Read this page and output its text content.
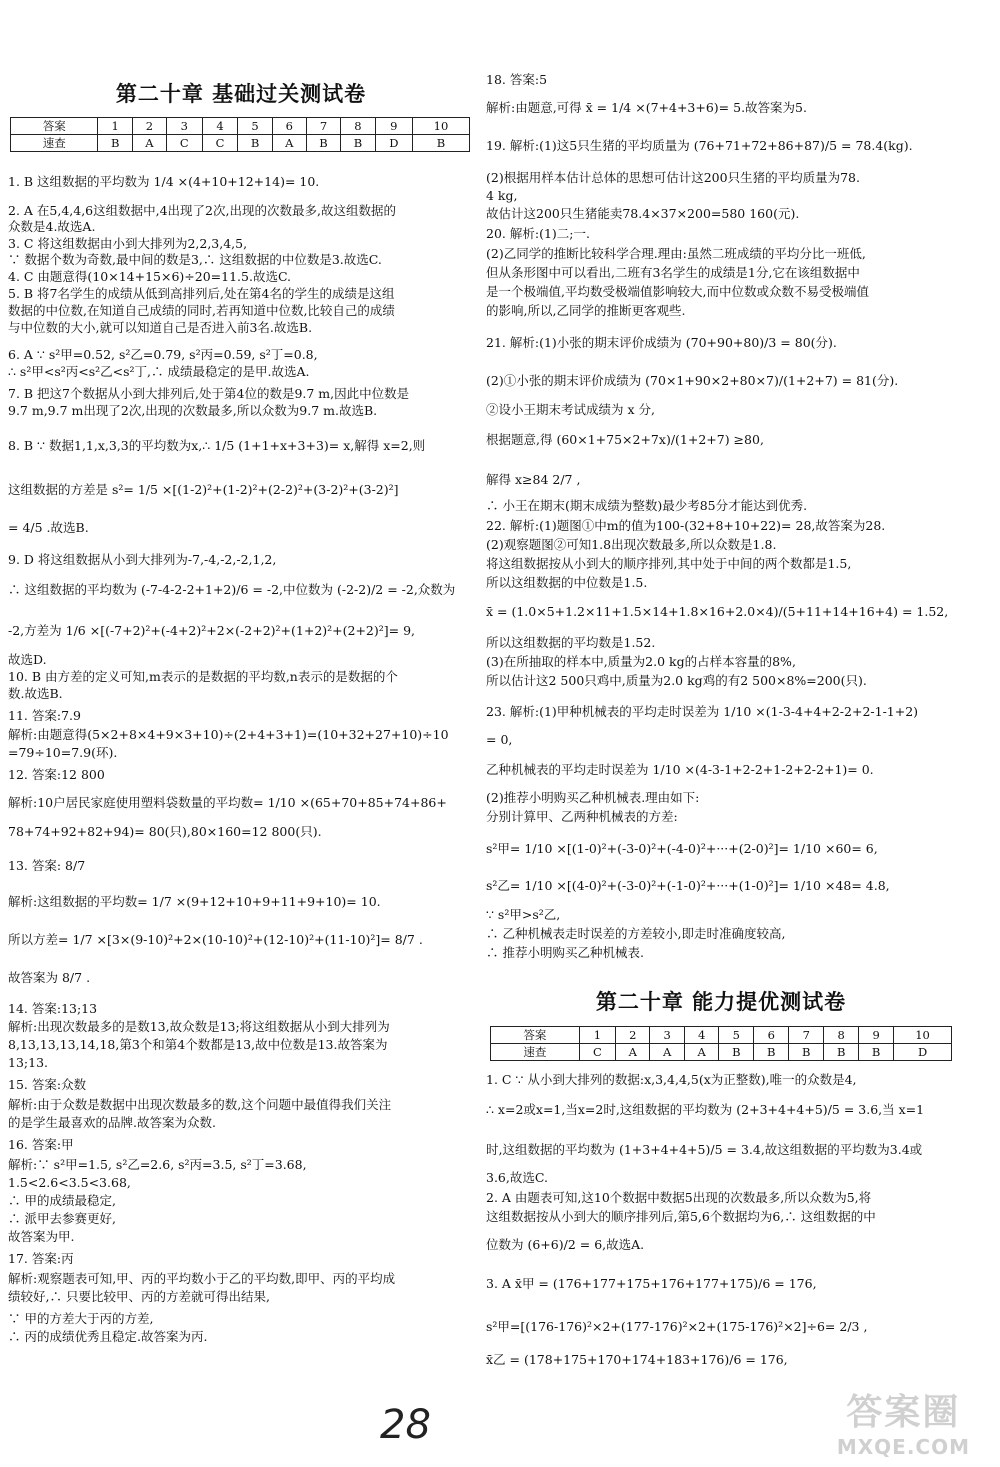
第二十章 基础过关测试卷
答案	1	2	3	4	5	6	7	8	9	10
速查	B	A	C	C	B	A	B	B	D	B
1. B 这组数据的平均数为 1/4 ×(4+10+12+14)= 10.
2. A 在5,4,4,6这组数据中,4出现了2次,出现的次数最多,故这组数据的
众数是4.故选A.
3. C 将这组数据由小到大排列为2,2,3,4,5,
∵ 数据个数为奇数,最中间的数是3,∴ 这组数据的中位数是3.故选C.
4. C 由题意得(10×14+15×6)÷20=11.5.故选C.
5. B 将7名学生的成绩从低到高排列后,处在第4名的学生的成绩是这组
数据的中位数,在知道自己成绩的同时,若再知道中位数,比较自己的成绩
与中位数的大小,就可以知道自己是否进入前3名.故选B.
6. A ∵ s²甲=0.52, s²乙=0.79, s²丙=0.59, s²丁=0.8,
∴ s²甲<s²丙<s²乙<s²丁,∴ 成绩最稳定的是甲.故选A.
7. B 把这7个数据从小到大排列后,处于第4位的数是9.7 m,因此中位数是
9.7 m,9.7 m出现了2次,出现的次数最多,所以众数为9.7 m.故选B.
8. B ∵ 数据1,1,x,3,3的平均数为x,∴ 1/5 (1+1+x+3+3)= x,解得 x=2,则
这组数据的方差是 s²= 1/5 ×[(1-2)²+(1-2)²+(2-2)²+(3-2)²+(3-2)²]
= 4/5 .故选B.
9. D 将这组数据从小到大排列为-7,-4,-2,-2,1,2,
∴ 这组数据的平均数为 (-7-4-2-2+1+2)/6 = -2,中位数为 (-2-2)/2 = -2,众数为
-2,方差为 1/6 ×[(-7+2)²+(-4+2)²+2×(-2+2)²+(1+2)²+(2+2)²]= 9,
故选D.
10. B 由方差的定义可知,m表示的是数据的平均数,n表示的是数据的个
数.故选B.
11. 答案:7.9
解析:由题意得(5×2+8×4+9×3+10)÷(2+4+3+1)=(10+32+27+10)÷10
=79÷10=7.9(环).
12. 答案:12 800
解析:10户居民家庭使用塑料袋数量的平均数= 1/10 ×(65+70+85+74+86+
78+74+92+82+94)= 80(只),80×160=12 800(只).
13. 答案: 8/7
解析:这组数据的平均数= 1/7 ×(9+12+10+9+11+9+10)= 10.
所以方差= 1/7 ×[3×(9-10)²+2×(10-10)²+(12-10)²+(11-10)²]= 8/7 .
故答案为 8/7 .
14. 答案:13;13
解析:出现次数最多的是数13,故众数是13;将这组数据从小到大排列为
8,13,13,13,14,18,第3个和第4个数都是13,故中位数是13.故答案为
13;13.
15. 答案:众数
解析:由于众数是数据中出现次数最多的数,这个问题中最值得我们关注
的是学生最喜欢的品牌.故答案为众数.
16. 答案:甲
解析:∵ s²甲=1.5, s²乙=2.6, s²丙=3.5, s²丁=3.68,
1.5<2.6<3.5<3.68,
∴ 甲的成绩最稳定,
∴ 派甲去参赛更好,
故答案为甲.
17. 答案:丙
解析:观察题表可知,甲、丙的平均数小于乙的平均数,即甲、丙的平均成
绩较好,∴ 只要比较甲、丙的方差就可得出结果,
∵ 甲的方差大于丙的方差,
∴ 丙的成绩优秀且稳定.故答案为丙.
18. 答案:5
解析:由题意,可得 x̄ = 1/4 ×(7+4+3+6)= 5.故答案为5.
19. 解析:(1)这5只生猪的平均质量为 (76+71+72+86+87)/5 = 78.4(kg).
(2)根据用样本估计总体的思想可估计这200只生猪的平均质量为78.
4 kg,
故估计这200只生猪能卖78.4×37×200=580 160(元).
20. 解析:(1)二;一.
(2)乙同学的推断比较科学合理.理由:虽然二班成绩的平均分比一班低,
但从条形图中可以看出,二班有3名学生的成绩是1分,它在该组数据中
是一个极端值,平均数受极端值影响较大,而中位数或众数不易受极端值
的影响,所以,乙同学的推断更客观些.
21. 解析:(1)小张的期末评价成绩为 (70+90+80)/3 = 80(分).
(2)①小张的期末评价成绩为 (70×1+90×2+80×7)/(1+2+7) = 81(分).
②设小王期末考试成绩为 x 分,
根据题意,得 (60×1+75×2+7x)/(1+2+7) ≥80,
解得 x≥84 2/7 ,
∴ 小王在期末(期末成绩为整数)最少考85分才能达到优秀.
22. 解析:(1)题图①中m的值为100-(32+8+10+22)= 28,故答案为28.
(2)观察题图②可知1.8出现次数最多,所以众数是1.8.
将这组数据按从小到大的顺序排列,其中处于中间的两个数都是1.5,
所以这组数据的中位数是1.5.
x̄ = (1.0×5+1.2×11+1.5×14+1.8×16+2.0×4)/(5+11+14+16+4) = 1.52,
所以这组数据的平均数是1.52.
(3)在所抽取的样本中,质量为2.0 kg的占样本容量的8%,
所以估计这2 500只鸡中,质量为2.0 kg鸡的有2 500×8%=200(只).
23. 解析:(1)甲种机械表的平均走时误差为 1/10 ×(1-3-4+4+2-2+2-1-1+2)
= 0,
乙种机械表的平均走时误差为 1/10 ×(4-3-1+2-2+1-2+2-2+1)= 0.
(2)推荐小明购买乙种机械表.理由如下:
分别计算甲、乙两种机械表的方差:
s²甲= 1/10 ×[(1-0)²+(-3-0)²+(-4-0)²+···+(2-0)²]= 1/10 ×60= 6,
s²乙= 1/10 ×[(4-0)²+(-3-0)²+(-1-0)²+···+(1-0)²]= 1/10 ×48= 4.8,
∵ s²甲>s²乙,
∴ 乙种机械表走时误差的方差较小,即走时准确度较高,
∴ 推荐小明购买乙种机械表.
第二十章 能力提优测试卷
答案	1	2	3	4	5	6	7	8	9	10
速查	C	A	A	A	B	B	B	B	B	D
1. C ∵ 从小到大排列的数据:x,3,4,4,5(x为正整数),唯一的众数是4,
∴ x=2或x=1,当x=2时,这组数据的平均数为 (2+3+4+4+5)/5 = 3.6,当 x=1
时,这组数据的平均数为 (1+3+4+4+5)/5 = 3.4,故这组数据的平均数为3.4或
3.6,故选C.
2. A 由题表可知,这10个数据中数据5出现的次数最多,所以众数为5,将
这组数据按从小到大的顺序排列后,第5,6个数据均为6,∴ 这组数据的中
位数为 (6+6)/2 = 6,故选A.
3. A x̄甲 = (176+177+175+176+177+175)/6 = 176,
s²甲=[(176-176)²×2+(177-176)²×2+(175-176)²×2]÷6= 2/3 ,
x̄乙 = (178+175+170+174+183+176)/6 = 176,
28	答案圈
MXQE.COM
